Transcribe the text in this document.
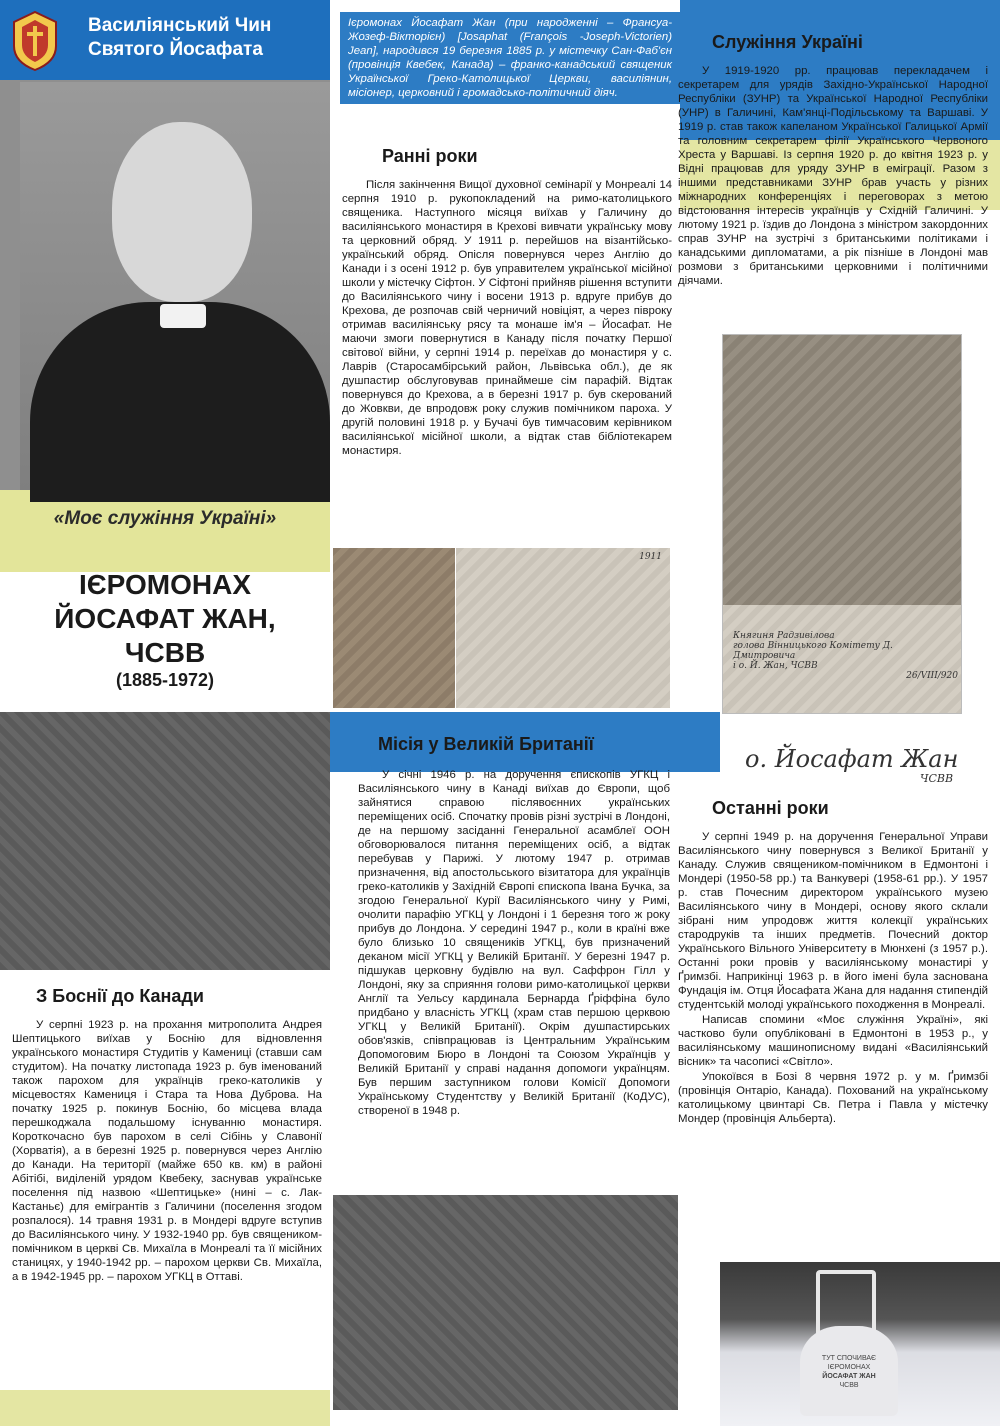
Василіянський Чин
Святого Йосафата
«Моє служіння Україні»
ІЄРОМОНАХ
ЙОСАФАТ ЖАН,
ЧСВВ
(1885-1972)
Ієромонах Йосафат Жан (при народженні – Франсуа-Жозеф-Вікторієн) [Josaphat (François -Joseph-Victorien) Jean], народився 19 березня 1885 р. у містечку Сан-Фаб'єн (провінція Квебек, Канада) – франко-канадський священик Української Греко-Католицької Церкви, василіянин, місіонер, церковний і громадсько-політичний діяч.
Ранні роки

Після закінчення Вищої духовної семінарії у Монреалі 14 серпня 1910 р. рукопокладений на римо-католицького священика. Наступного місяця виїхав у Галичину до василіянського монастиря в Крехові вивчати українську мову та церковний обряд. У 1911 р. перейшов на візантійсько-український обряд. Опісля повернувся через Англію до Канади і з осені 1912 р. був управителем української місійної школи у містечку Сіфтон. У Сіфтоні прийняв рішення вступити до Василіянського чину і восени 1913 р. вдруге прибув до Крехова, де розпочав свій черничий новіціят, а через півроку отримав василіянську рясу та монаше ім'я – Йосафат. Не маючи змоги повернутися в Канаду після початку Першої світової війни, у серпні 1914 р. переїхав до монастиря у с. Лаврів (Старосамбірський район, Львівська обл.), де як душпастир обслуговував принаймеше сім парафій. Відтак повернувся до Крехова, а в березні 1917 р. був скерований до Жовкви, де впродовж року служив помічником пароха. У другій половині 1918 р. у Бучачі був тимчасовим керівником василіянської місійної школи, а відтак став бібліотекарем монастиря.

1911
Служіння Україні

У 1919-1920 рр. працював перекладачем і секретарем для урядів Західно-Української Народної Республіки (ЗУНР) та Української Народної Республіки (УНР) в Галичині, Кам'янці-Подільському та Варшаві. У 1919 р. став також капеланом Української Галицької Армії та головним секретарем філії Українського Червоного Хреста у Варшаві. Із серпня 1920 р. до квітня 1923 р. у Відні працював для уряду ЗУНР в еміграції. Разом з іншими представниками ЗУНР брав участь у різних міжнародних конференціях і переговорах з метою відстоювання інтересів українців у Східній Галичині. У лютому 1921 р. їздив до Лондона з міністром закордонних справ ЗУНР на зустрічі з британськими політиками і канадськими дипломатами, а рік пізніше в Лондоні мав розмови з британськими церковними і політичними діячами.

Княгиня Радзивілова
голова Вінницького Комітету Д. Дмитровича
і о. Й. Жан, ЧСВВ
26/VIII/920
о. Йосафат Жан
ЧСВВ
З Боснії до Канади

У серпні 1923 р. на прохання митрополита Андрея Шептицького виїхав у Боснію для відновлення українського монастиря Студитів у Камениці (ставши сам студитом). На початку листопада 1923 р. був іменований також парохом для українців греко-католиків у місцевостях Камениця і Стара та Нова Дуброва. На початку 1925 р. покинув Боснію, бо місцева влада перешкоджала подальшому існуванню монастиря. Короткочасно був парохом в селі Сібінь у Славонії (Хорватія), а в березні 1925 р. повернувся через Англію до Канади. На території (майже 650 кв. км) в районі Абітібі, виділеній урядом Квебеку, заснував українське поселення під назвою «Шептицьке» (нині – с. Лак-Кастаньє) для емігрантів з Галичини (поселення згодом розпалося). 14 травня 1931 р. в Мондері вдруге вступив до Василіянського чину. У 1932-1940 рр. був священиком-помічником в церкві Св. Михаїла в Монреалі та її місійних станицях, у 1940-1942 рр. – парохом церкви Св. Михаїла, а в 1942-1945 рр. – парохом УГКЦ в Оттаві.

Місія у Великій Британії

У січні 1946 р. на доручення єпископів УГКЦ і Василіянського чину в Канаді виїхав до Європи, щоб зайнятися справою післявоєнних українських переміщених осіб. Спочатку провів різні зустрічі в Лондоні, де на першому засіданні Генеральної асамблеї ООН обговорювалося питання переміщених осіб, а відтак перебував у Парижі. У лютому 1947 р. отримав призначення, від апостольського візитатора для українців греко-католиків у Західній Європі єпископа Івана Бучка, за згодою Генеральної Курії Василіянського чину у Римі, очолити парафію УГКЦ у Лондоні і 1 березня того ж року прибув до Лондона. У серединi 1947 р., коли в країні вже було близько 10 священиків УГКЦ, був призначений деканом місії УГКЦ у Великій Британії. У березні 1947 р. підшукав церковну будівлю на вул. Саффрон Гілл у Лондоні, яку за сприяння голови римо-католицької церкви Англії та Уельсу кардинала Бернарда Ґріффіна було придбано у власність УГКЦ (храм став першою церквою УГКЦ у Великій Британії). Окрім душпастирських обов'язків, співпрацював із Центральним Українським Допомоговим Бюро в Лондоні та Союзом Українців у Великій Британії у справі надання допомоги українцям. Був першим заступником голови Комісії Допомоги Українському Студентству у Великій Британії (КоДУС), створеної в 1948 р.

Останні роки

У серпні 1949 р. на доручення Генеральної Управи Василіянського чину повернувся з Великої Британії у Канаду. Служив священиком-помічником в Едмонтоні і Мондері (1950-58 рр.) та Ванкувері (1958-61 рр.). У 1957 р. став Почесним директором українського музею Василіянського чину в Мондері, основу якого склали зібрані ним упродовж життя колекції українських стародруків та інших предметів. Почесний доктор Українського Вільного Університету в Мюнхені (з 1957 р.). Останні роки провів у василіянському монастирі у Ґримзбі. Наприкінці 1963 р. в його імені була заснована Фундація ім. Отця Йосафата Жана для надання стипендій студентській молоді українського походження в Монреалі.

Написав спомини «Моє служіння Україні», які частково були опубліковані в Едмонтоні в 1953 р., у василіянському машинописному видані «Василіянський вісник» та часописі «Світло».

Упокоївся в Бозі 8 червня 1972 р. у м. Ґримзбі (провінція Онтаріо, Канада). Похований на українському католицькому цвинтарі Св. Петра і Павла у містечку Мондер (провінція Альберта).

ТУТ СПОЧИВАЄ
ІЄРОМОНАХ
ЙОСАФАТ ЖАН
ЧСВВ
